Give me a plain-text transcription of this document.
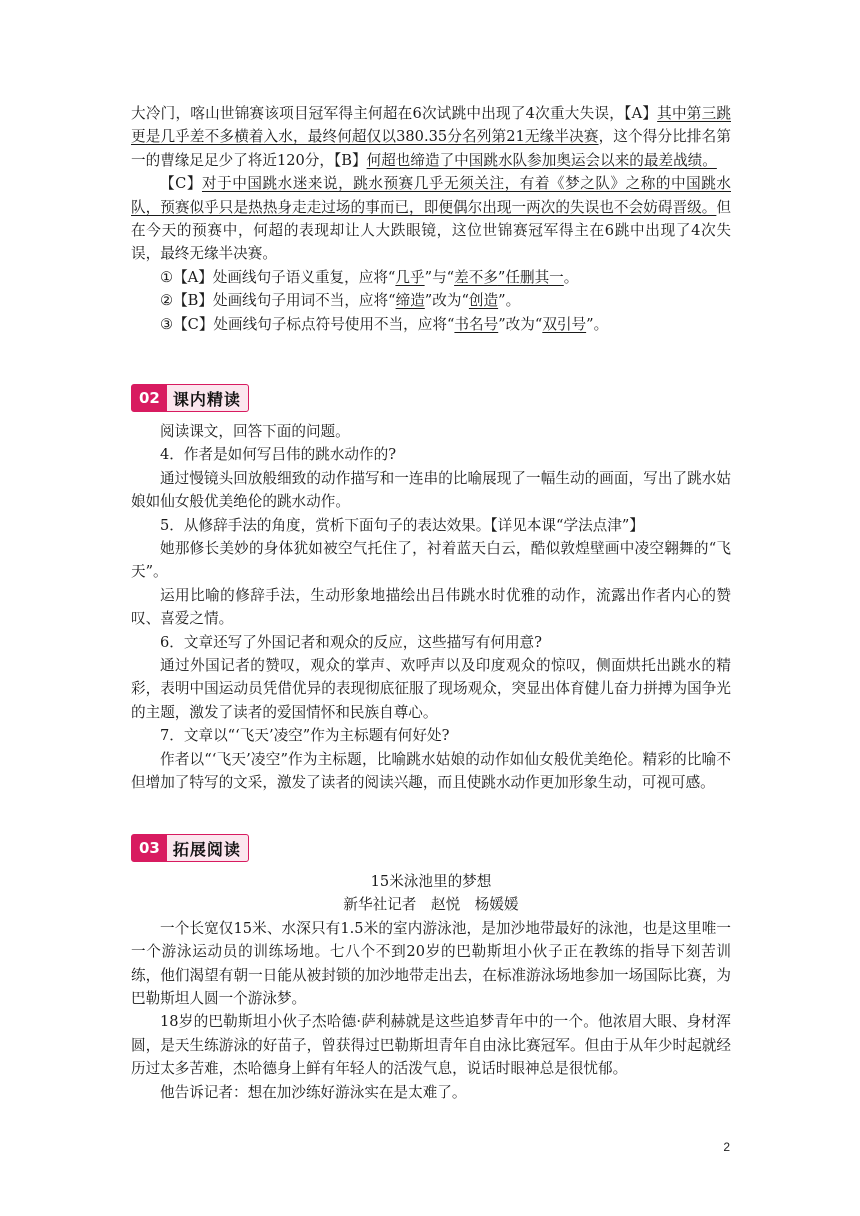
大冷门，喀山世锦赛该项目冠军得主何超在6次试跳中出现了4次重大失误，【A】其中第三跳更是几乎差不多横着入水，最终何超仅以380.35分名列第21无缘半决赛，这个得分比排名第一的曹缘足足少了将近120分，【B】何超也缔造了中国跳水队参加奥运会以来的最差战绩。

【C】对于中国跳水迷来说，跳水预赛几乎无须关注，有着《梦之队》之称的中国跳水队，预赛似乎只是热热身走走过场的事而已，即便偶尔出现一两次的失误也不会妨碍晋级。但在今天的预赛中，何超的表现却让人大跌眼镜，这位世锦赛冠军得主在6跳中出现了4次失误，最终无缘半决赛。

①【A】处画线句子语义重复，应将“几乎”与“差不多”任删其一。

②【B】处画线句子用词不当，应将“缔造”改为“创造”。

③【C】处画线句子标点符号使用不当，应将“书名号”改为“双引号”。

02 课内精读

阅读课文，回答下面的问题。

4．作者是如何写吕伟的跳水动作的?

通过慢镜头回放般细致的动作描写和一连串的比喻展现了一幅生动的画面，写出了跳水姑娘如仙女般优美绝伦的跳水动作。

5．从修辞手法的角度，赏析下面句子的表达效果。【详见本课“学法点津”】

她那修长美妙的身体犹如被空气托住了，衬着蓝天白云，酷似敦煌壁画中凌空翱舞的“飞天”。

运用比喻的修辞手法，生动形象地描绘出吕伟跳水时优雅的动作，流露出作者内心的赞叹、喜爱之情。

6．文章还写了外国记者和观众的反应，这些描写有何用意?

通过外国记者的赞叹，观众的掌声、欢呼声以及印度观众的惊叹，侧面烘托出跳水的精彩，表明中国运动员凭借优异的表现彻底征服了现场观众，突显出体育健儿奋力拼搏为国争光的主题，激发了读者的爱国情怀和民族自尊心。

7．文章以“‘飞天’凌空”作为主标题有何好处?

作者以“‘飞天’凌空”作为主标题，比喻跳水姑娘的动作如仙女般优美绝伦。精彩的比喻不但增加了特写的文采，激发了读者的阅读兴趣，而且使跳水动作更加形象生动，可视可感。

03 拓展阅读

15米泳池里的梦想

新华社记者　赵悦　杨媛媛

一个长宽仅15米、水深只有1.5米的室内游泳池，是加沙地带最好的泳池，也是这里唯一一个游泳运动员的训练场地。七八个不到20岁的巴勒斯坦小伙子正在教练的指导下刻苦训练，他们渴望有朝一日能从被封锁的加沙地带走出去，在标准游泳场地参加一场国际比赛，为巴勒斯坦人圆一个游泳梦。

18岁的巴勒斯坦小伙子杰哈德·萨利赫就是这些追梦青年中的一个。他浓眉大眼、身材浑圆，是天生练游泳的好苗子，曾获得过巴勒斯坦青年自由泳比赛冠军。但由于从年少时起就经历过太多苦难，杰哈德身上鲜有年轻人的活泼气息，说话时眼神总是很忧郁。

他告诉记者：想在加沙练好游泳实在是太难了。

2
